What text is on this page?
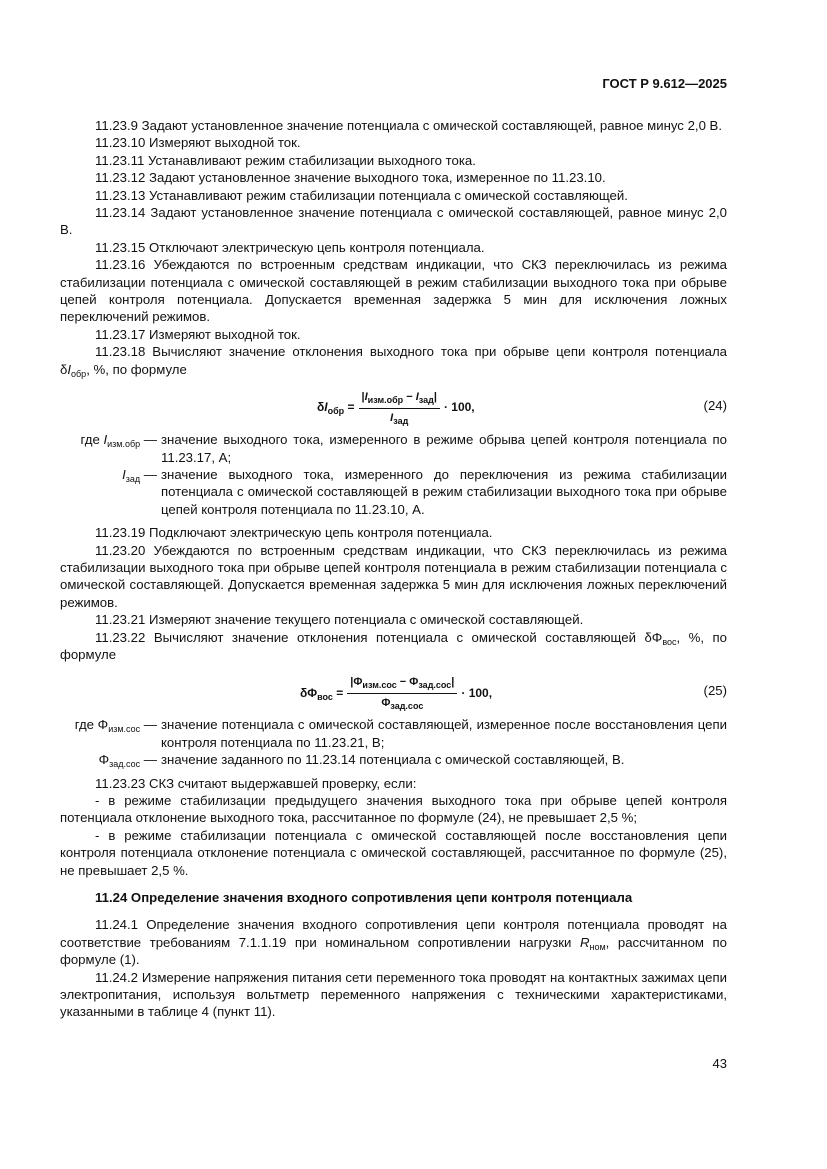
ГОСТ Р 9.612—2025

11.23.9 Задают установленное значение потенциала с омической составляющей, равное минус 2,0 В.

11.23.10 Измеряют выходной ток.

11.23.11 Устанавливают режим стабилизации выходного тока.

11.23.12 Задают установленное значение выходного тока, измеренное по 11.23.10.

11.23.13 Устанавливают режим стабилизации потенциала с омической составляющей.

11.23.14 Задают установленное значение потенциала с омической составляющей, равное минус 2,0 В.

11.23.15 Отключают электрическую цепь контроля потенциала.

11.23.16 Убеждаются по встроенным средствам индикации, что СКЗ переключилась из режима стабилизации потенциала с омической составляющей в режим стабилизации выходного тока при обрыве цепей контроля потенциала. Допускается временная задержка 5 мин для исключения ложных переключений режимов.

11.23.17 Измеряют выходной ток.

11.23.18 Вычисляют значение отклонения выходного тока при обрыве цепи контроля потенциала $\delta I_{обр}$, %, по формуле

$\delta I_{обр} = \frac{|I_{изм.обр} - I_{зад}|}{I_{зад}} \cdot 100$,	(24)
где $I_{изм.обр}$ — значение выходного тока, измеренного в режиме обрыва цепей контроля потенциала по 11.23.17, А;
$I_{зад}$ — значение выходного тока, измеренного до переключения из режима стабилизации потенциала с омической составляющей в режим стабилизации выходного тока при обрыве цепей контроля потенциала по 11.23.10, А.

11.23.19 Подключают электрическую цепь контроля потенциала.

11.23.20 Убеждаются по встроенным средствам индикации, что СКЗ переключилась из режима стабилизации выходного тока при обрыве цепей контроля потенциала в режим стабилизации потенциала с омической составляющей. Допускается временная задержка 5 мин для исключения ложных переключений режимов.

11.23.21 Измеряют значение текущего потенциала с омической составляющей.

11.23.22 Вычисляют значение отклонения потенциала с омической составляющей $\delta\Phi_{вос}$, %, по формуле

$\delta\Phi_{вос} = \frac{|\Phi_{изм.сос} - \Phi_{зад.сос}|}{\Phi_{зад.сос}} \cdot 100$,	(25)
где $\Phi_{изм.сос}$ — значение потенциала с омической составляющей, измеренное после восстановления цепи контроля потенциала по 11.23.21, В;
$\Phi_{зад.сос}$ — значение заданного по 11.23.14 потенциала с омической составляющей, В.

11.23.23 СКЗ считают выдержавшей проверку, если:

- в режиме стабилизации предыдущего значения выходного тока при обрыве цепей контроля потенциала отклонение выходного тока, рассчитанное по формуле (24), не превышает 2,5 %;

- в режиме стабилизации потенциала с омической составляющей после восстановления цепи контроля потенциала отклонение потенциала с омической составляющей, рассчитанное по формуле (25), не превышает 2,5 %.

11.24 Определение значения входного сопротивления цепи контроля потенциала

11.24.1 Определение значения входного сопротивления цепи контроля потенциала проводят на соответствие требованиям 7.1.1.19 при номинальном сопротивлении нагрузки $R_{ном}$, рассчитанном по формуле (1).

11.24.2 Измерение напряжения питания сети переменного тока проводят на контактных зажимах цепи электропитания, используя вольтметр переменного напряжения с техническими характеристиками, указанными в таблице 4 (пункт 11).

43
